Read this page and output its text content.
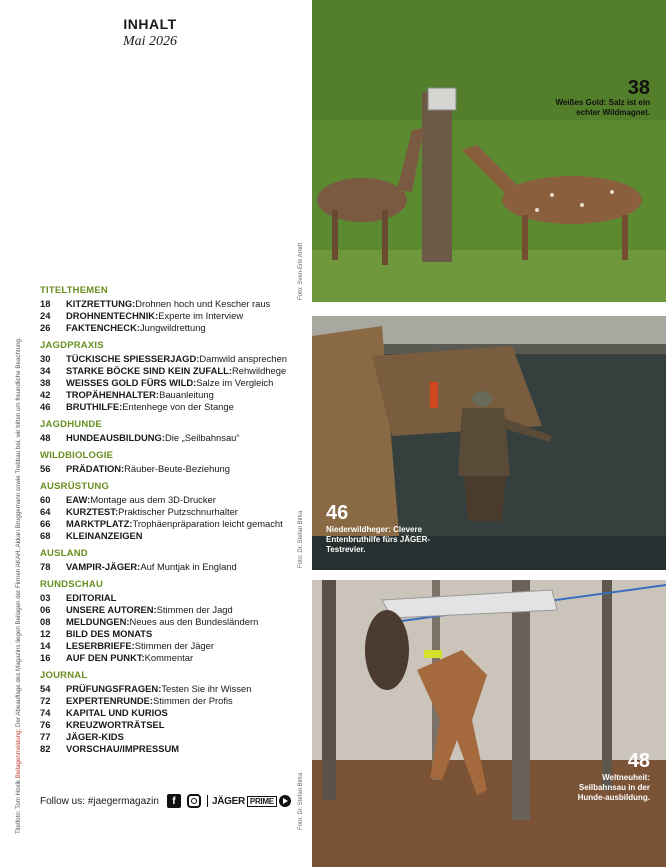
INHALT
Mai 2026
Titelfoto: Tom Hoxik Beilagenmeldung: Der Abeauflage des Magazins liegen Beilagen der Firmen AKAH, Akkarı Bruggemann sowie Trebbau bei, wir bitten um freundliche Beachtung.
TITELTHEMEN
18	KITZRETTUNG: Drohnen hoch und Kescher raus
24	DROHNENTECHNIK: Experte im Interview
26	FAKTENCHECK: Jungwildrettung
JAGDPRAXIS
30	TÜCKISCHE SPIESSERJAGD: Damwild ansprechen
34	STARKE BÖCKE SIND KEIN ZUFALL: Rehwildhege
38	WEISSES GOLD FÜRS WILD: Salze im Vergleich
42	TROPÄHENHALTER: Bauanleitung
46	BRUTHILFE: Entenhege von der Stange
JAGDHUNDE
48	HUNDEAUSBILDUNG: Die „Seilbahnsau“
WILDBIOLOGIE
56	PRÄDATION: Räuber-Beute-Beziehung
AUSRÜSTUNG
60	EAW: Montage aus dem 3D-Drucker
64	KURZTEST: Praktischer Putzschnurhalter
66	MARKTPLATZ: Trophäenpräparation leicht gemacht
68	KLEINANZEIGEN
AUSLAND
78	VAMPIR-JÄGER: Auf Muntjak in England
RUNDSCHAU
03	EDITORIAL
06	UNSERE AUTOREN: Stimmen der Jagd
08	MELDUNGEN: Neues aus den Bundesländern
12	BILD DES MONATS
14	LESERBRIEFE: Stimmen der Jäger
16	AUF DEN PUNKT: Kommentar
JOURNAL
54	PRÜFUNGSFRAGEN: Testen Sie ihr Wissen
72	EXPERTENRUNDE: Stimmen der Profis
74	KAPITAL UND KURIOS
76	KREUZWORTRÄTSEL
77	JÄGER-KIDS
82	VORSCHAU/IMPRESSUM
Follow us: #jaegermagazin	f	JÄGER PRIME
38
Weißes Gold: Salz ist ein echter Wildmagnet.
Foto: Sven-Erik Arndt
46
Niederwildheger: Clevere Entenbruthilfe fürs JÄGER-Testrevier.
Foto: Dr. Stefan Birka
48
Weltneuheit: Seilbahnsau in der Hunde-ausbildung.
Foto: Dr. Stefan Birka
